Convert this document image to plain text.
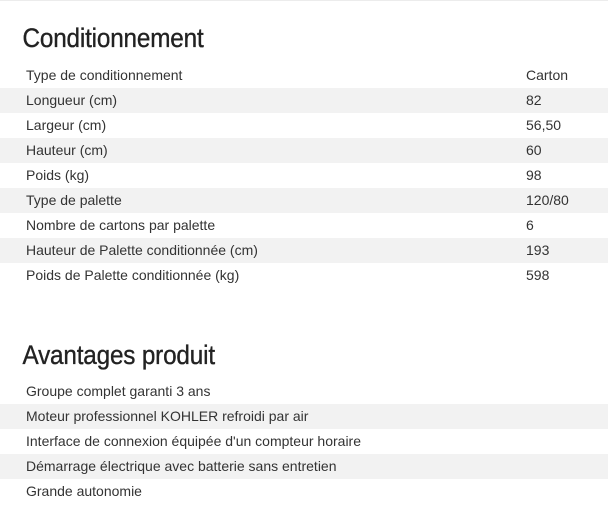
Conditionnement
Type de conditionnement	Carton
Longueur (cm)	82
Largeur (cm)	56,50
Hauteur (cm)	60
Poids (kg)	98
Type de palette	120/80
Nombre de cartons par palette	6
Hauteur de Palette conditionnée (cm)	193
Poids de Palette conditionnée (kg)	598
Avantages produit
Groupe complet garanti 3 ans
Moteur professionnel KOHLER refroidi par air
Interface de connexion équipée d'un compteur horaire
Démarrage électrique avec batterie sans entretien
Grande autonomie
